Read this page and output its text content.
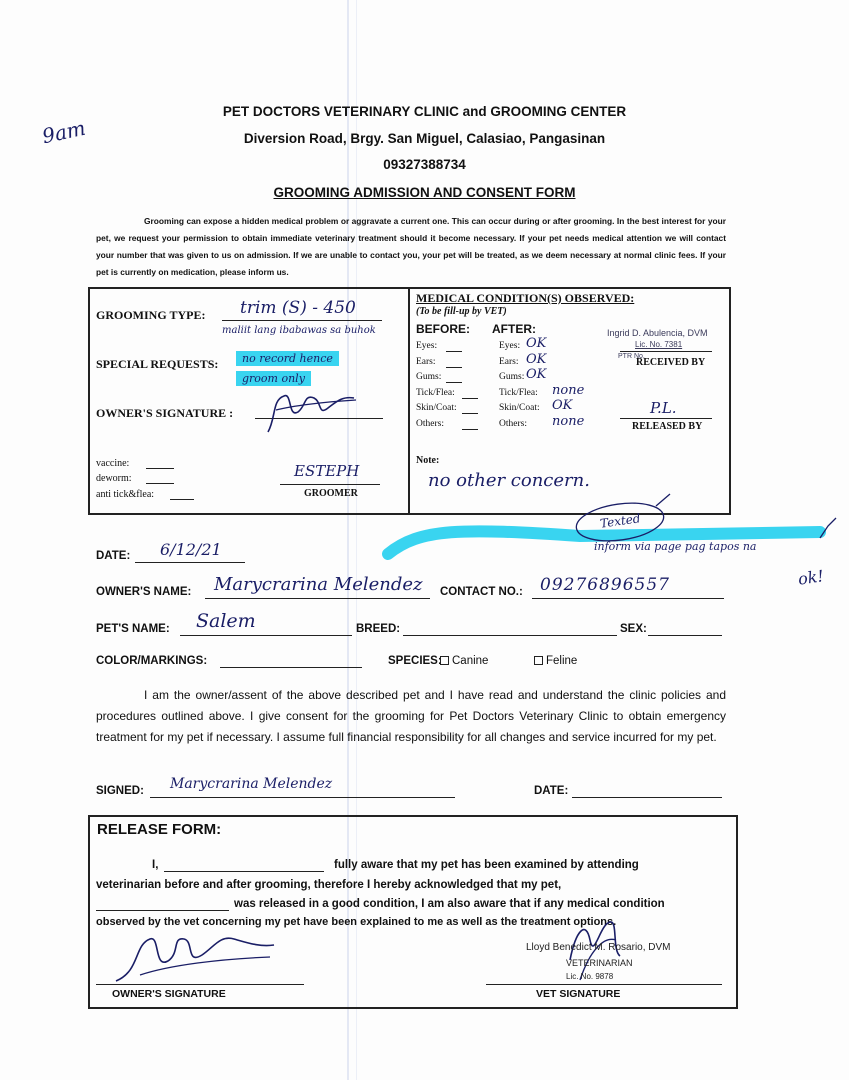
9am
PET DOCTORS VETERINARY CLINIC and GROOMING CENTER
Diversion Road, Brgy. San Miguel, Calasiao, Pangasinan
09327388734
GROOMING ADMISSION AND CONSENT FORM
Grooming can expose a hidden medical problem or aggravate a current one. This can occur during or after grooming. In the best interest for your pet, we request your permission to obtain immediate veterinary treatment should it become necessary. If your pet needs medical attention we will contact your number that was given to us on admission. If we are unable to contact you, your pet will be treated, as we deem necessary at normal clinic fees. If your pet is currently on medication, please inform us.
GROOMING TYPE: trim (S) - 450
maliit lang ibabawas sa buhok
SPECIAL REQUESTS:	no record hence
groom only
OWNER'S SIGNATURE :
vaccine:
deworm:
anti tick&flea:
ESTEPH
GROOMER
MEDICAL CONDITION(S) OBSERVED:
(To be fill-up by VET)
BEFORE: AFTER:
Eyes:	Eyes: OK
Ears:	Ears: OK
Gums:	Gums: OK
Tick/Flea:	Tick/Flea: none
Skin/Coat:	Skin/Coat: OK
Others:	Others: none
Ingrid D. Abulencia, DVM
Lic. No. 7381
PTR No.
RECEIVED BY
P.L.
RELEASED BY
Note:
no other concern.
Texted
inform via page pag tapos na
ok!
DATE: 6/12/21
OWNER'S NAME: Marycrarina Melendez CONTACT NO.: 09276896557
PET'S NAME: Salem	BREED:	SEX:
COLOR/MARKINGS:	SPECIES: Canine	Feline
I am the owner/assent of the above described pet and I have read and understand the clinic policies and procedures outlined above. I give consent for the grooming for Pet Doctors Veterinary Clinic to obtain emergency treatment for my pet if necessary. I assume full financial responsibility for all changes and service incurred for my pet.
SIGNED: Marycrarina Melendez	DATE:
RELEASE FORM:
I,	fully aware that my pet has been examined by attending
veterinarian before and after grooming, therefore I hereby acknowledged that my pet,
was released in a good condition, I am also aware that if any medical condition
observed by the vet concerning my pet have been explained to me as well as the treatment options.
OWNER'S SIGNATURE
Lloyd Benedict M. Rosario, DVM
VETERINARIAN
Lic. No. 9878
VET SIGNATURE
